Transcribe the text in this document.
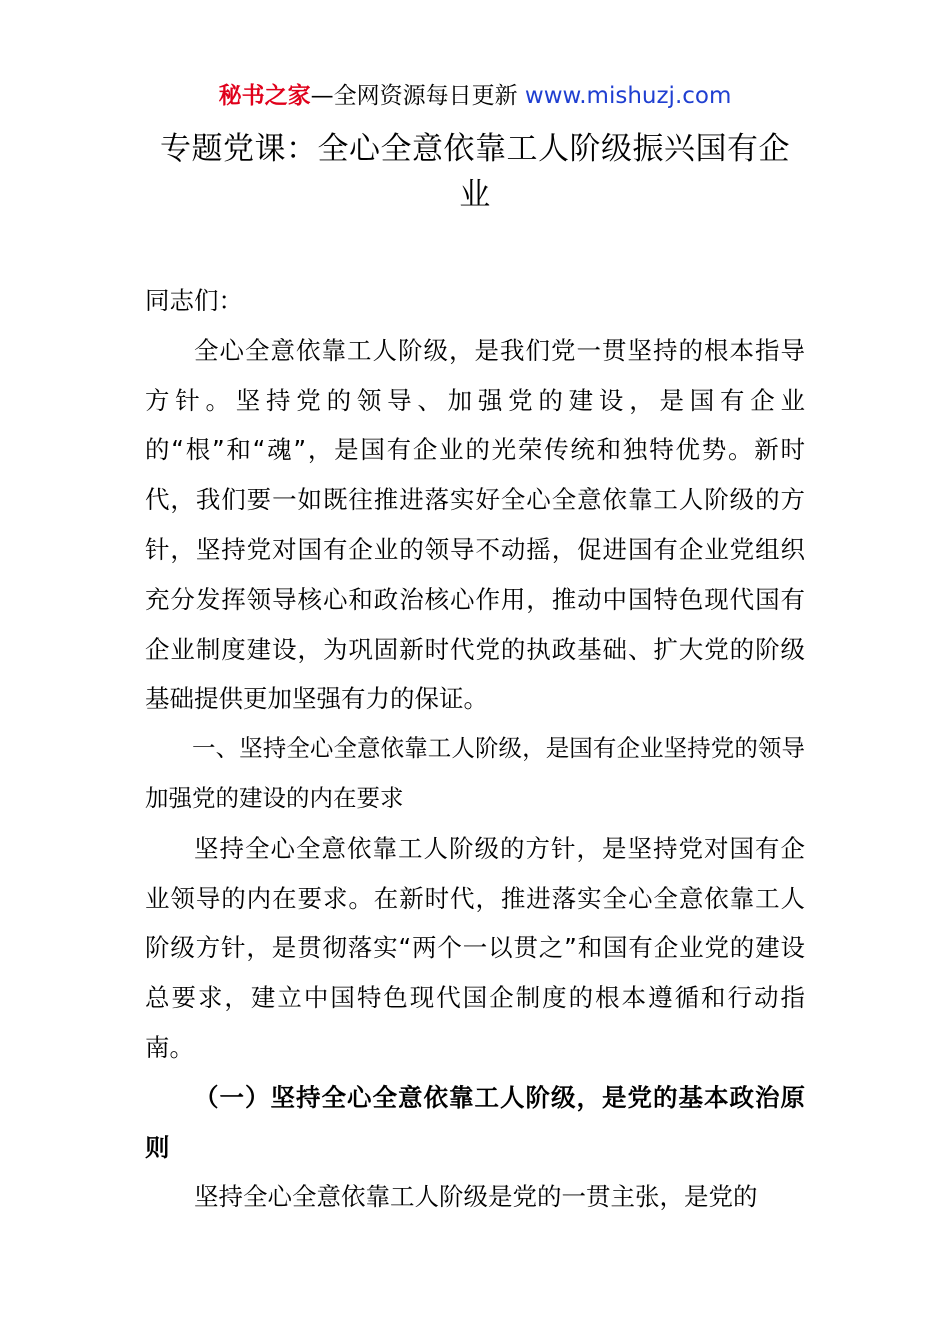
秘书之家—全网资源每日更新 www.mishuzj.com
专题党课：全心全意依靠工人阶级振兴国有企业

同志们：

全心全意依靠工人阶级，是我们党一贯坚持的根本指导方针。坚持党的领导、加强党的建设，是国有企业的“根”和“魂”，是国有企业的光荣传统和独特优势。新时代，我们要一如既往推进落实好全心全意依靠工人阶级的方针，坚持党对国有企业的领导不动摇，促进国有企业党组织充分发挥领导核心和政治核心作用，推动中国特色现代国有企业制度建设，为巩固新时代党的执政基础、扩大党的阶级基础提供更加坚强有力的保证。

一、坚持全心全意依靠工人阶级，是国有企业坚持党的领导加强党的建设的内在要求

坚持全心全意依靠工人阶级的方针，是坚持党对国有企业领导的内在要求。在新时代，推进落实全心全意依靠工人阶级方针，是贯彻落实“两个一以贯之”和国有企业党的建设总要求，建立中国特色现代国企制度的根本遵循和行动指南。

（一）坚持全心全意依靠工人阶级，是党的基本政治原则

坚持全心全意依靠工人阶级是党的一贯主张，是党的
